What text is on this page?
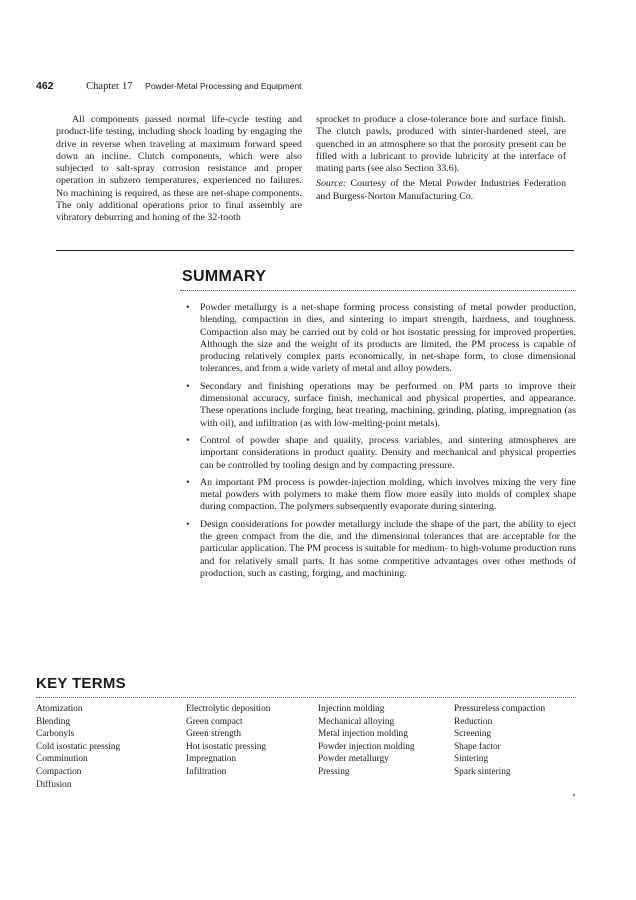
462	Chapter 17 Powder-Metal Processing and Equipment

All components passed normal life-cycle testing and product-life testing, including shock loading by engaging the drive in reverse when traveling at maximum forward speed down an incline. Clutch components, which were also subjected to salt-spray corrosion resistance and proper operation in subzero temperatures, experienced no failures. No machining is required, as these are net-shape components. The only additional operations prior to final assembly are vibratory deburring and honing of the 32-tooth

sprocket to produce a close-tolerance bore and surface finish. The clutch pawls, produced with sinter-hardened steel, are quenched in an atmosphere so that the porosity present can be filled with a lubricant to provide lubricity at the interface of mating parts (see also Section 33.6).

Source: Courtesy of the Metal Powder Industries Federation and Burgess-Norton Manufacturing Co.

SUMMARY
• Powder metallurgy is a net-shape forming process consisting of metal powder production, blending, compaction in dies, and sintering to impart strength, hardness, and toughness. Compaction also may be carried out by cold or hot isostatic pressing for improved properties. Although the size and the weight of its products are limited, the PM process is capable of producing relatively complex parts economically, in net-shape form, to close dimensional tolerances, and from a wide variety of metal and alloy powders.
• Secondary and finishing operations may be performed on PM parts to improve their dimensional accuracy, surface finish, mechanical and physical properties, and appearance. These operations include forging, heat treating, machining, grinding, plating, impregnation (as with oil), and infiltration (as with low-melting-point metals).
• Control of powder shape and quality, process variables, and sintering atmospheres are important considerations in product quality. Density and mechanical and physical properties can be controlled by tooling design and by compacting pressure.
• An important PM process is powder-injection molding, which involves mixing the very fine metal powders with polymers to make them flow more easily into molds of complex shape during compaction. The polymers subsequently evaporate during sintering.
• Design considerations for powder metallurgy include the shape of the part, the ability to eject the green compact from the die, and the dimensional tolerances that are acceptable for the particular application. The PM process is suitable for medium- to high-volume production runs and for relatively small parts. It has some competitive advantages over other methods of production, such as casting, forging, and machining.
KEY TERMS
Atomization
Blending
Carbonyls
Cold isostatic pressing
Comminution
Compaction
Diffusion
Electrolytic deposition
Green compact
Green strength
Hot isostatic pressing
Impregnation
Infiltration
Injection molding
Mechanical alloying
Metal injection molding
Powder injection molding
Powder metallurgy
Pressing
Pressureless compaction
Reduction
Screening
Shape factor
Sintering
Spark sintering
